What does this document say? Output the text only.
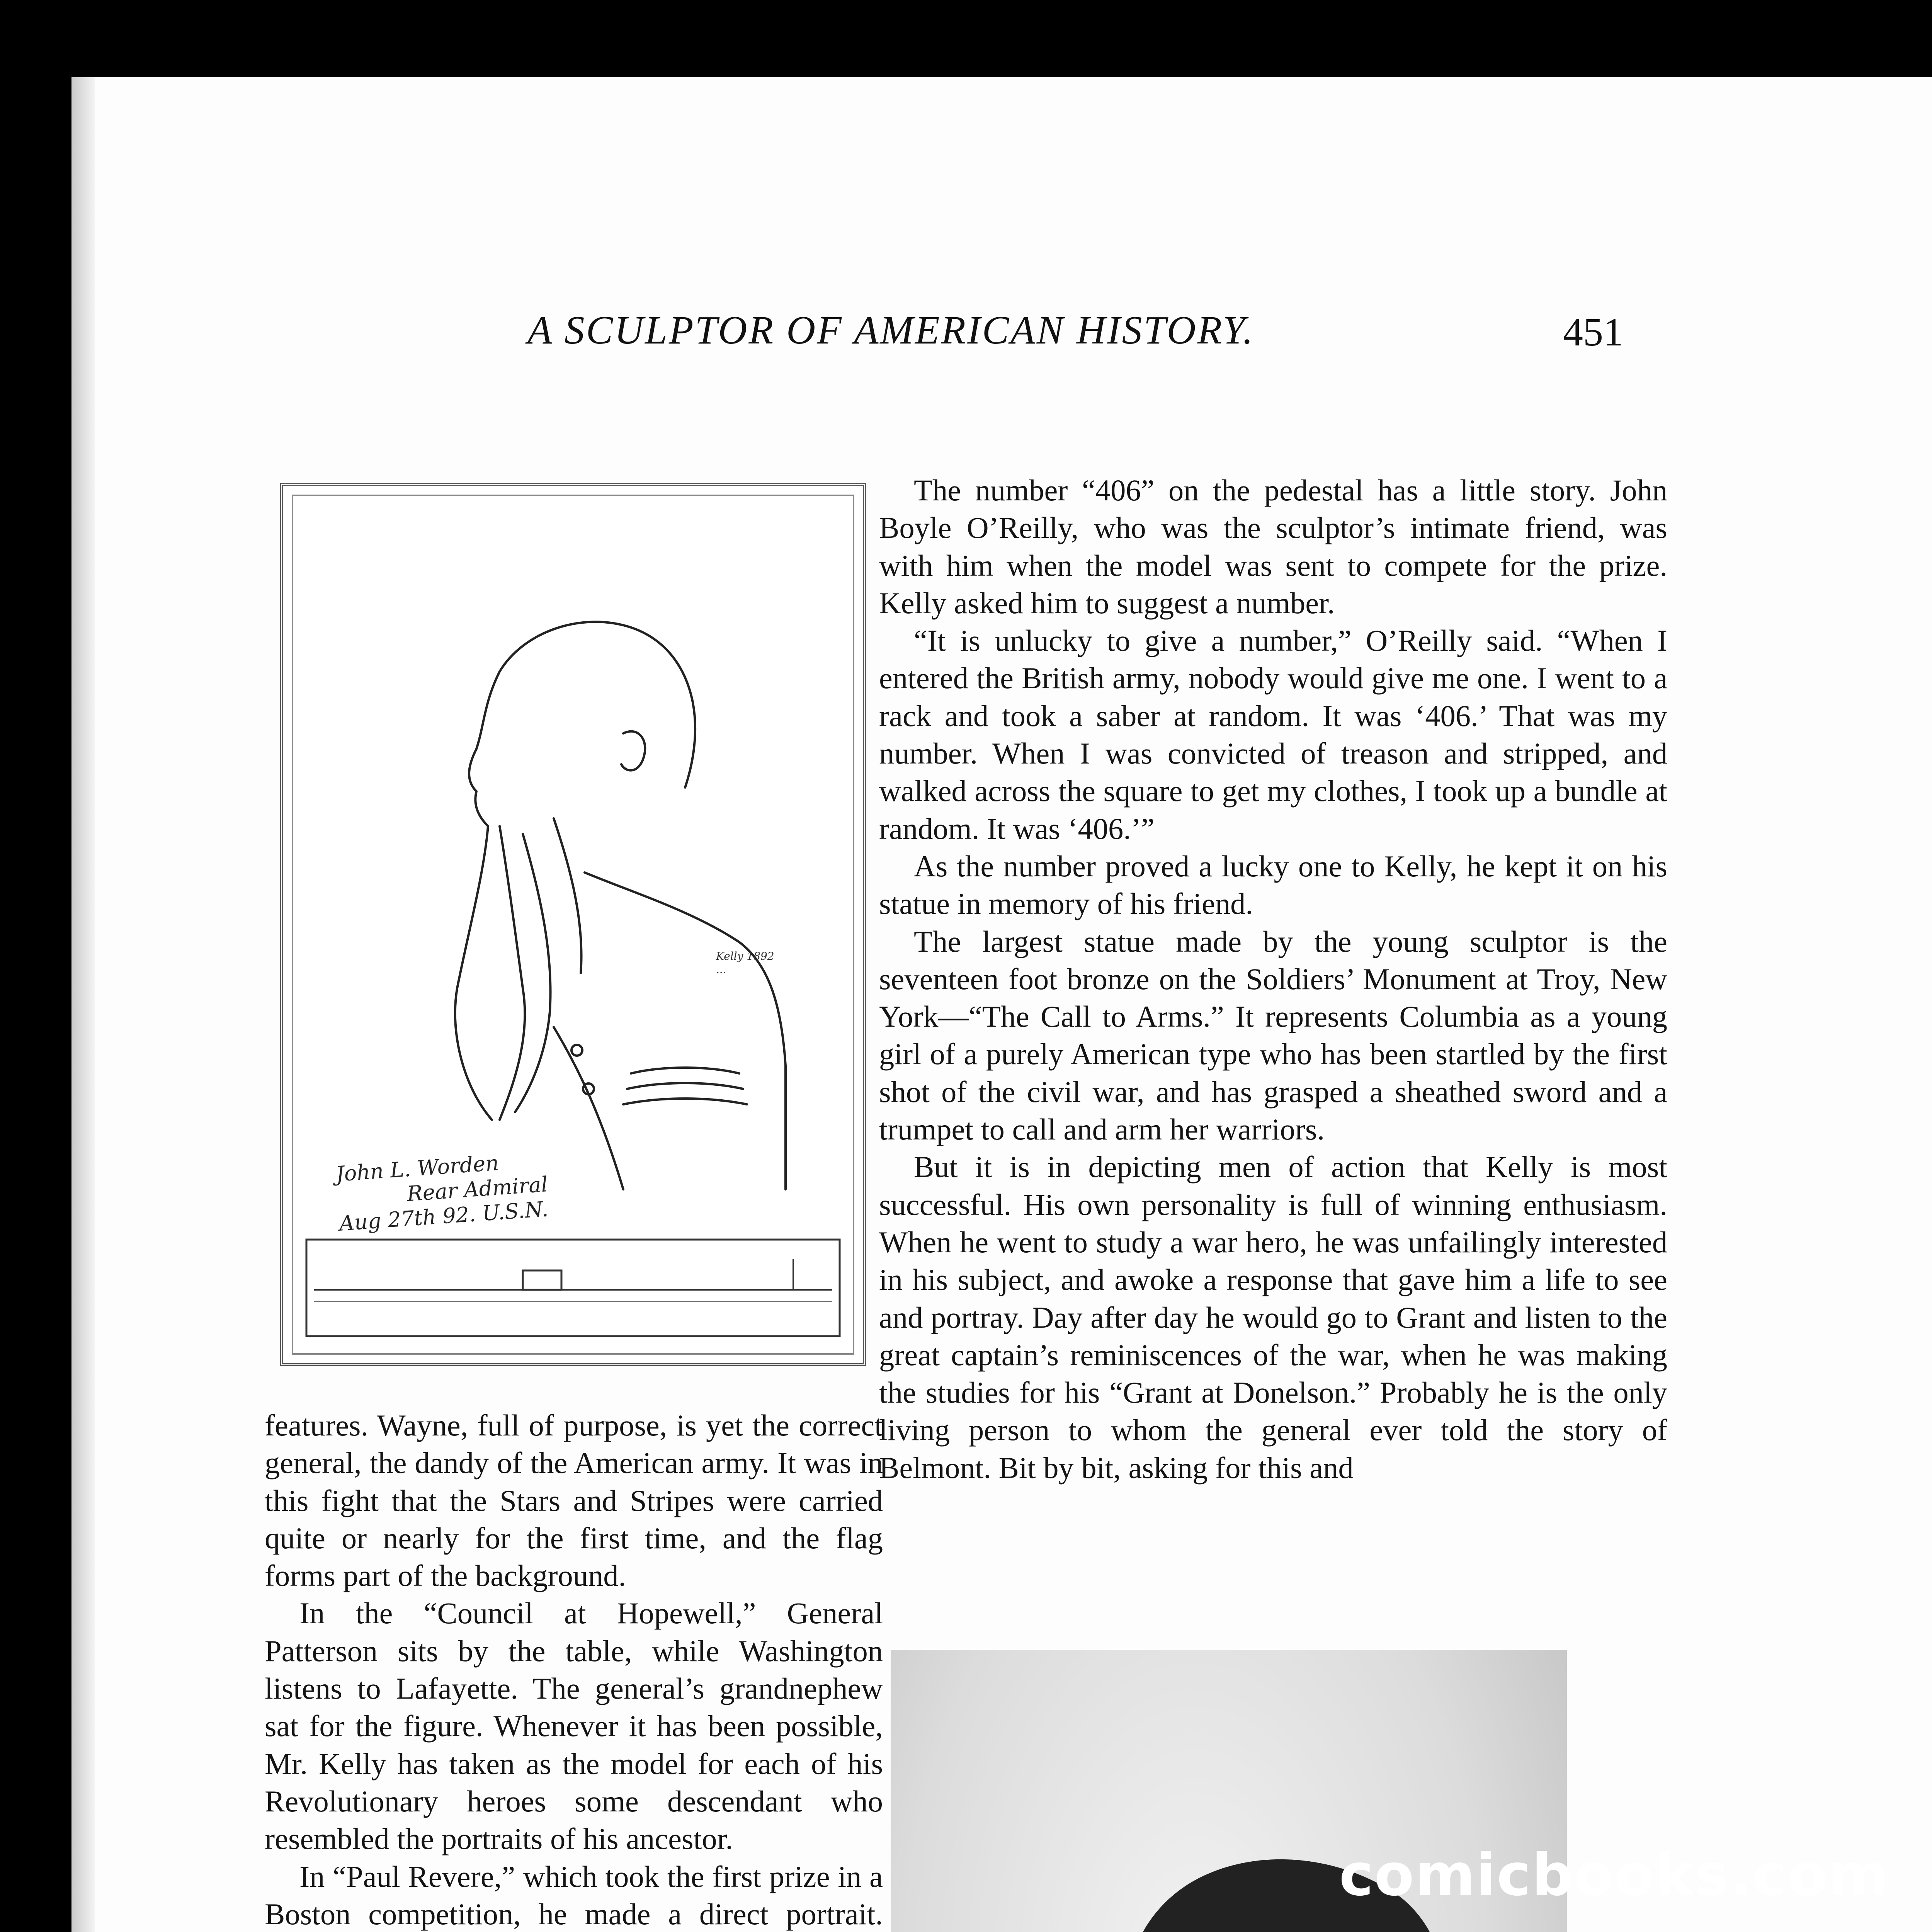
A SCULPTOR OF AMERICAN HISTORY.	451
Kelly 1892 ...
John L. Worden
Rear Admiral
Aug 27th 92. U.S.N.

The number “406” on the pedestal has a little story. John Boyle O’Reilly, who was the sculptor’s intimate friend, was with him when the model was sent to compete for the prize. Kelly asked him to suggest a number.

“It is unlucky to give a number,” O’Reilly said. “When I entered the British army, nobody would give me one. I went to a rack and took a saber at random. It was ‘406.’ That was my number. When I was convicted of treason and stripped, and walked across the square to get my clothes, I took up a bundle at random. It was ‘406.’”

As the number proved a lucky one to Kelly, he kept it on his statue in memory of his friend.

The largest statue made by the young sculptor is the seventeen foot bronze on the Soldiers’ Monument at Troy, New York—“The Call to Arms.” It represents Columbia as a young girl of a purely American type who has been startled by the first shot of the civil war, and has grasped a sheathed sword and a trumpet to call and arm her warriors.

But it is in depicting men of action that Kelly is most successful. His own personality is full of winning enthusiasm. When he went to study a war hero, he was unfailingly interested in his subject, and awoke a response that gave him a life to see and portray. Day after day he would go to Grant and listen to the great captain’s reminiscences of the war, when he was making the studies for his “Grant at Donelson.” Probably he is the only living person to whom the general ever told the story of Belmont. Bit by bit, asking for this and

features. Wayne, full of purpose, is yet the correct general, the dandy of the American army. It was in this fight that the Stars and Stripes were carried quite or nearly for the first time, and the flag forms part of the background.

In the “Council at Hopewell,” General Patterson sits by the table, while Washington listens to Lafayette. The general’s grandnephew sat for the figure. Whenever it has been possible, Mr. Kelly has taken as the model for each of his Revolutionary heroes some descendant who resembled the portraits of his ancestor.

In “Paul Revere,” which took the first prize in a Boston competition, he made a direct portrait.

comicbooks.com
